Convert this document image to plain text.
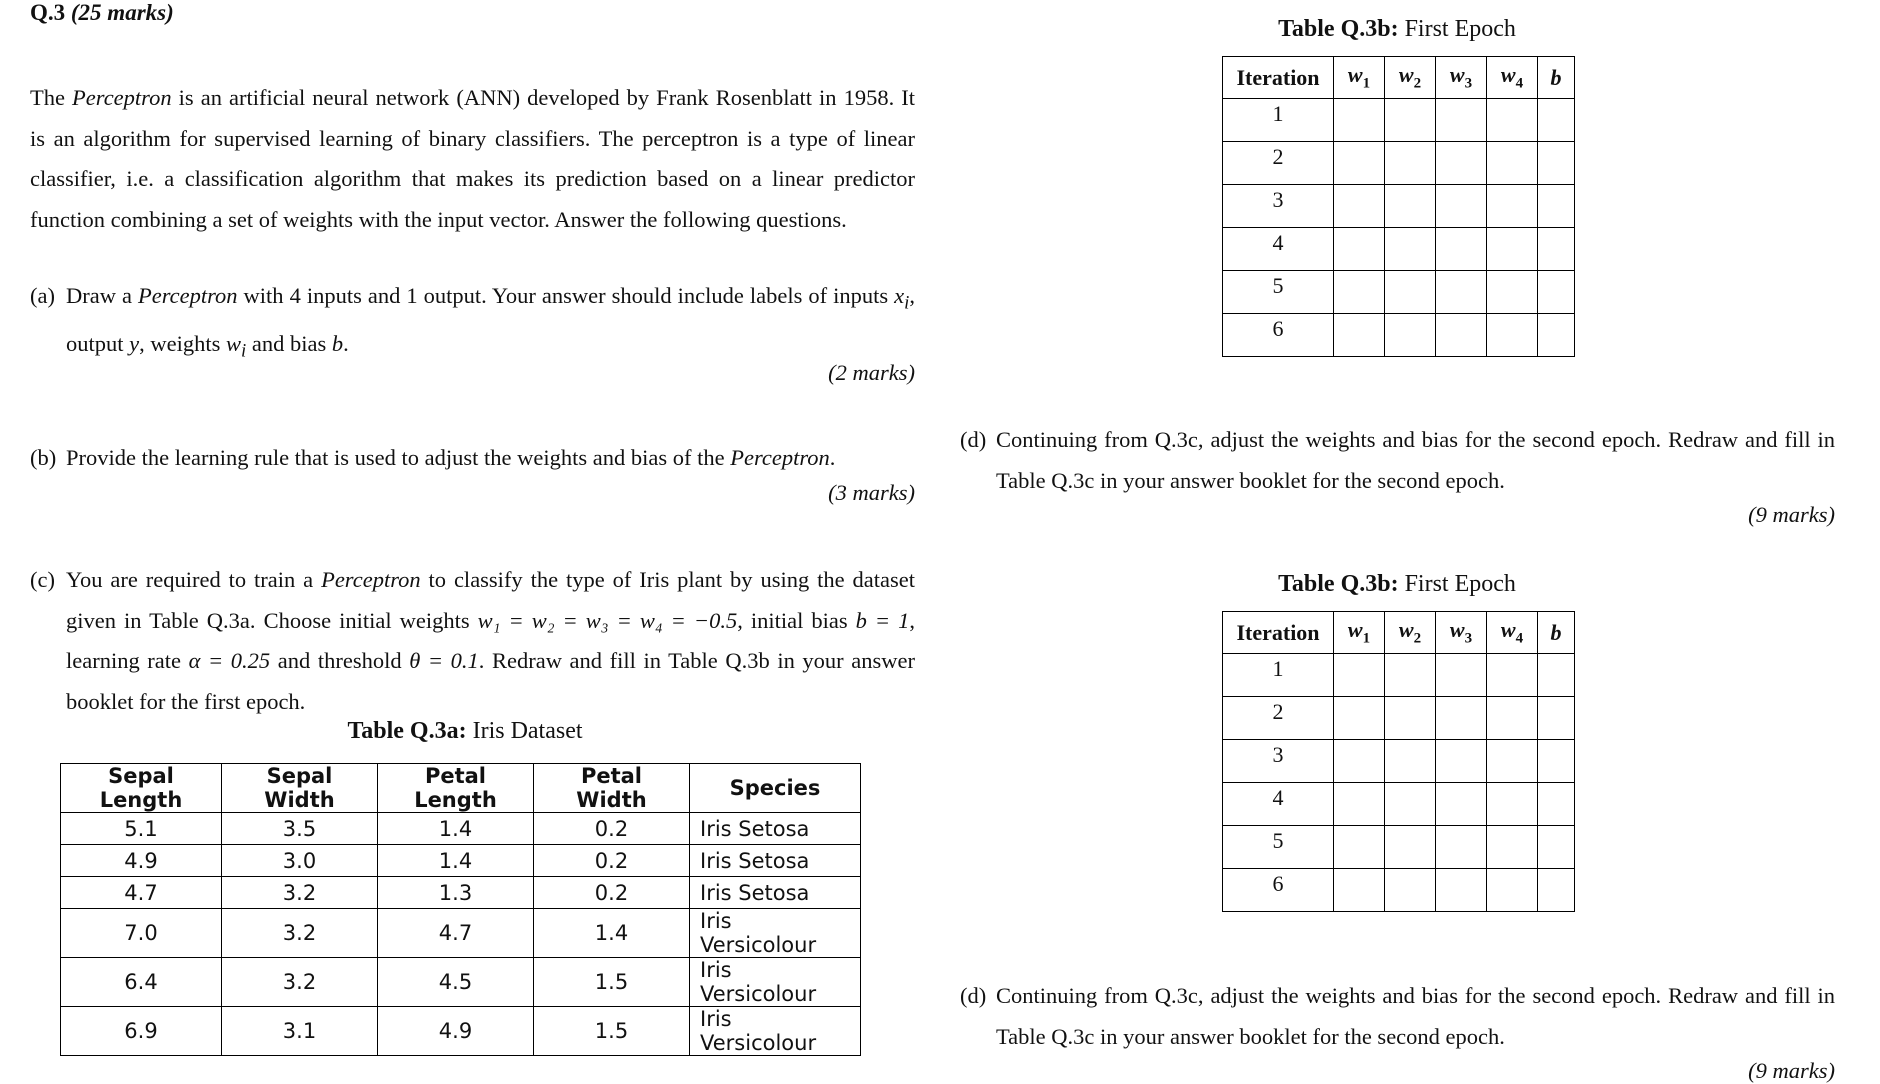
Q.3 (25 marks)
The Perceptron is an artificial neural network (ANN) developed by Frank Rosenblatt in 1958. It is an algorithm for supervised learning of binary classifiers. The perceptron is a type of linear classifier, i.e. a classification algorithm that makes its prediction based on a linear predictor function combining a set of weights with the input vector. Answer the following questions.
(a) Draw a Perceptron with 4 inputs and 1 output. Your answer should include labels of inputs $x_i$, output y, weights $w_i$ and bias b.
(2 marks)
(b) Provide the learning rule that is used to adjust the weights and bias of the Perceptron.
(3 marks)
(c) You are required to train a Perceptron to classify the type of Iris plant by using the dataset given in Table Q.3a. Choose initial weights w₁ = w₂ = w₃ = w₄ = −0.5, initial bias b = 1, learning rate α = 0.25 and threshold θ = 0.1. Redraw and fill in Table Q.3b in your answer booklet for the first epoch.
Table Q.3a: Iris Dataset
Sepal Length	Sepal Width	Petal Length	Petal Width	Species
5.1	3.5	1.4	0.2	Iris Setosa
4.9	3.0	1.4	0.2	Iris Setosa
4.7	3.2	1.3	0.2	Iris Setosa
7.0	3.2	4.7	1.4	Iris Versicolour
6.4	3.2	4.5	1.5	Iris Versicolour
6.9	3.1	4.9	1.5	Iris Versicolour
Table Q.3b: First Epoch
Iteration	$w_1$	$w_2$	$w_3$	$w_4$	b
1					
2					
3					
4					
5					
6					
(d) Continuing from Q.3c, adjust the weights and bias for the second epoch. Redraw and fill in Table Q.3c in your answer booklet for the second epoch.
(9 marks)
Table Q.3b: First Epoch
Iteration	$w_1$	$w_2$	$w_3$	$w_4$	b
1					
2					
3					
4					
5					
6					
(d) Continuing from Q.3c, adjust the weights and bias for the second epoch. Redraw and fill in Table Q.3c in your answer booklet for the second epoch.
(9 marks)
